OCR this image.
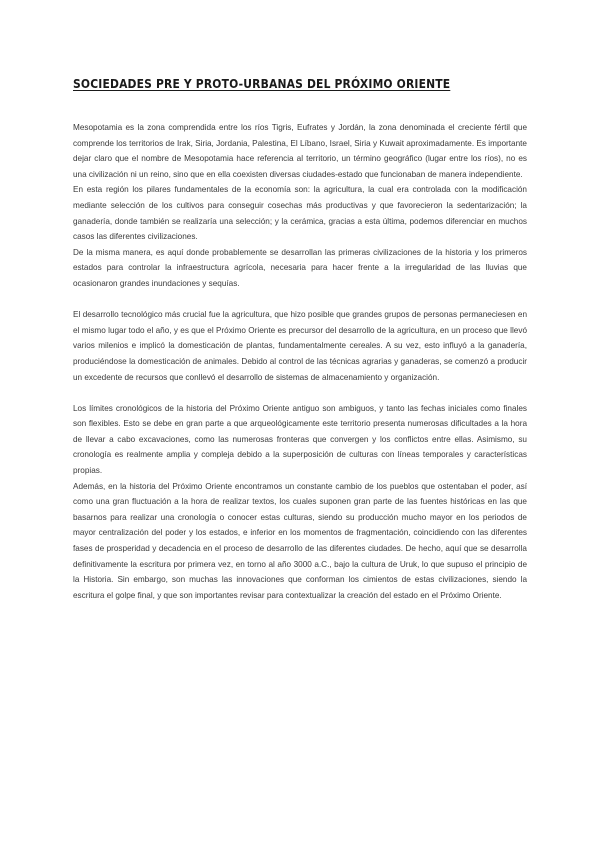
SOCIEDADES PRE Y PROTO-URBANAS DEL PRÓXIMO ORIENTE

Mesopotamia es la zona comprendida entre los ríos Tigris, Eufrates y Jordán, la zona denominada el creciente fértil que comprende los territorios de Irak, Siria, Jordania, Palestina, El Líbano, Israel, Siria y Kuwait aproximadamente. Es importante dejar claro que el nombre de Mesopotamia hace referencia al territorio, un término geográfico (lugar entre los ríos), no es una civilización ni un reino, sino que en ella coexisten diversas ciudades-estado que funcionaban de manera independiente.

En esta región los pilares fundamentales de la economía son: la agricultura, la cual era controlada con la modificación mediante selección de los cultivos para conseguir cosechas más productivas y que favorecieron la sedentarización; la ganadería, donde también se realizaría una selección; y la cerámica, gracias a esta última, podemos diferenciar en muchos casos las diferentes civilizaciones.

De la misma manera, es aquí donde probablemente se desarrollan las primeras civilizaciones de la historia y los primeros estados para controlar la infraestructura agrícola, necesaria para hacer frente a la irregularidad de las lluvias que ocasionaron grandes inundaciones y sequías.

El desarrollo tecnológico más crucial fue la agricultura, que hizo posible que grandes grupos de personas permaneciesen en el mismo lugar todo el año, y es que el Próximo Oriente es precursor del desarrollo de la agricultura, en un proceso que llevó varios milenios e implicó la domesticación de plantas, fundamentalmente cereales. A su vez, esto influyó a la ganadería, produciéndose la domesticación de animales. Debido al control de las técnicas agrarias y ganaderas, se comenzó a producir un excedente de recursos que conllevó el desarrollo de sistemas de almacenamiento y organización.

Los límites cronológicos de la historia del Próximo Oriente antiguo son ambiguos, y tanto las fechas iniciales como finales son flexibles. Esto se debe en gran parte a que arqueológicamente este territorio presenta numerosas dificultades a la hora de llevar a cabo excavaciones, como las numerosas fronteras que convergen y los conflictos entre ellas. Asimismo, su cronología es realmente amplia y compleja debido a la superposición de culturas con líneas temporales y características propias.

Además, en la historia del Próximo Oriente encontramos un constante cambio de los pueblos que ostentaban el poder, así como una gran fluctuación a la hora de realizar textos, los cuales suponen gran parte de las fuentes históricas en las que basarnos para realizar una cronología o conocer estas culturas, siendo su producción mucho mayor en los periodos de mayor centralización del poder y los estados, e inferior en los momentos de fragmentación, coincidiendo con las diferentes fases de prosperidad y decadencia en el proceso de desarrollo de las diferentes ciudades. De hecho, aquí que se desarrolla definitivamente la escritura por primera vez, en torno al año 3000 a.C., bajo la cultura de Uruk, lo que supuso el principio de la Historia. Sin embargo, son muchas las innovaciones que conforman los cimientos de estas civilizaciones, siendo la escritura el golpe final, y que son importantes revisar para contextualizar la creación del estado en el Próximo Oriente.
